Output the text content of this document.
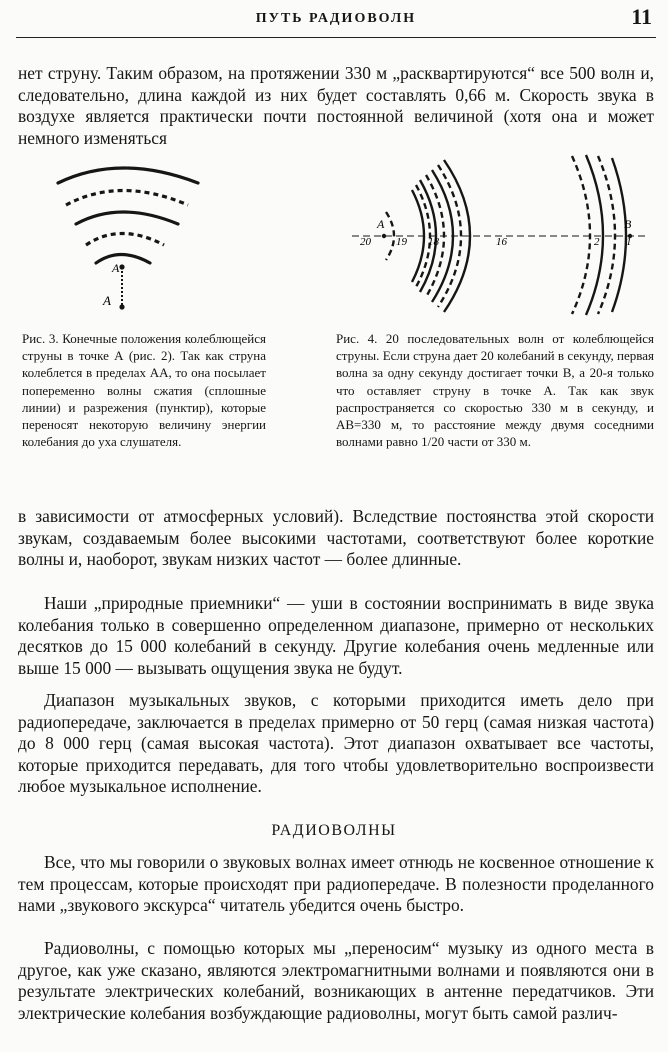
ПУТЬ РАДИОВОЛН	11

нет струну. Таким образом, на протяжении 330 м „расквартируются“ все 500 волн и, следовательно, длина каждой из них будет составлять 0,66 м. Скорость звука в воздухе является практически почти постоянной величиной (хотя она и может немного изменяться

A
A
A	B
20 19 18	16	2 1

Рис. 3. Конечные положения колеблющейся струны в точке А (рис. 2). Так как струна колеблется в пределах АА, то она посылает попеременно волны сжатия (сплошные линии) и разрежения (пунктир), которые переносят некоторую величину энергии колебания до уха слушателя.

Рис. 4. 20 последовательных волн от колеблющейся струны. Если струна дает 20 колебаний в секунду, первая волна за одну секунду достигает точки В, а 20-я только что оставляет струну в точке А. Так как звук распространяется со скоростью 330 м в секунду, и АВ=330 м, то расстояние между двумя соседними волнами равно 1/20 части от 330 м.

в зависимости от атмосферных условий). Вследствие постоянства этой скорости звукам, создаваемым более высокими частотами, соответствуют более короткие волны и, наоборот, звукам низких частот — более длинные.

Наши „природные приемники“ — уши в состоянии воспринимать в виде звука колебания только в совершенно определенном диапазоне, примерно от нескольких десятков до 15 000 колебаний в секунду. Другие колебания очень медленные или выше 15 000 — вызывать ощущения звука не будут.

Диапазон музыкальных звуков, с которыми приходится иметь дело при радиопередаче, заключается в пределах примерно от 50 герц (самая низкая частота) до 8 000 герц (самая высокая частота). Этот диапазон охватывает все частоты, которые приходится передавать, для того чтобы удовлетворительно воспроизвести любое музыкальное исполнение.

РАДИОВОЛНЫ

Все, что мы говорили о звуковых волнах имеет отнюдь не косвенное отношение к тем процессам, которые происходят при радиопередаче. В полезности проделанного нами „звукового экскурса“ читатель убедится очень быстро.

Радиоволны, с помощью которых мы „переносим“ музыку из одного места в другое, как уже сказано, являются электромагнитными волнами и появляются они в результате электрических колебаний, возникающих в антенне передатчиков. Эти электрические колебания возбуждающие радиоволны, могут быть самой различ-
